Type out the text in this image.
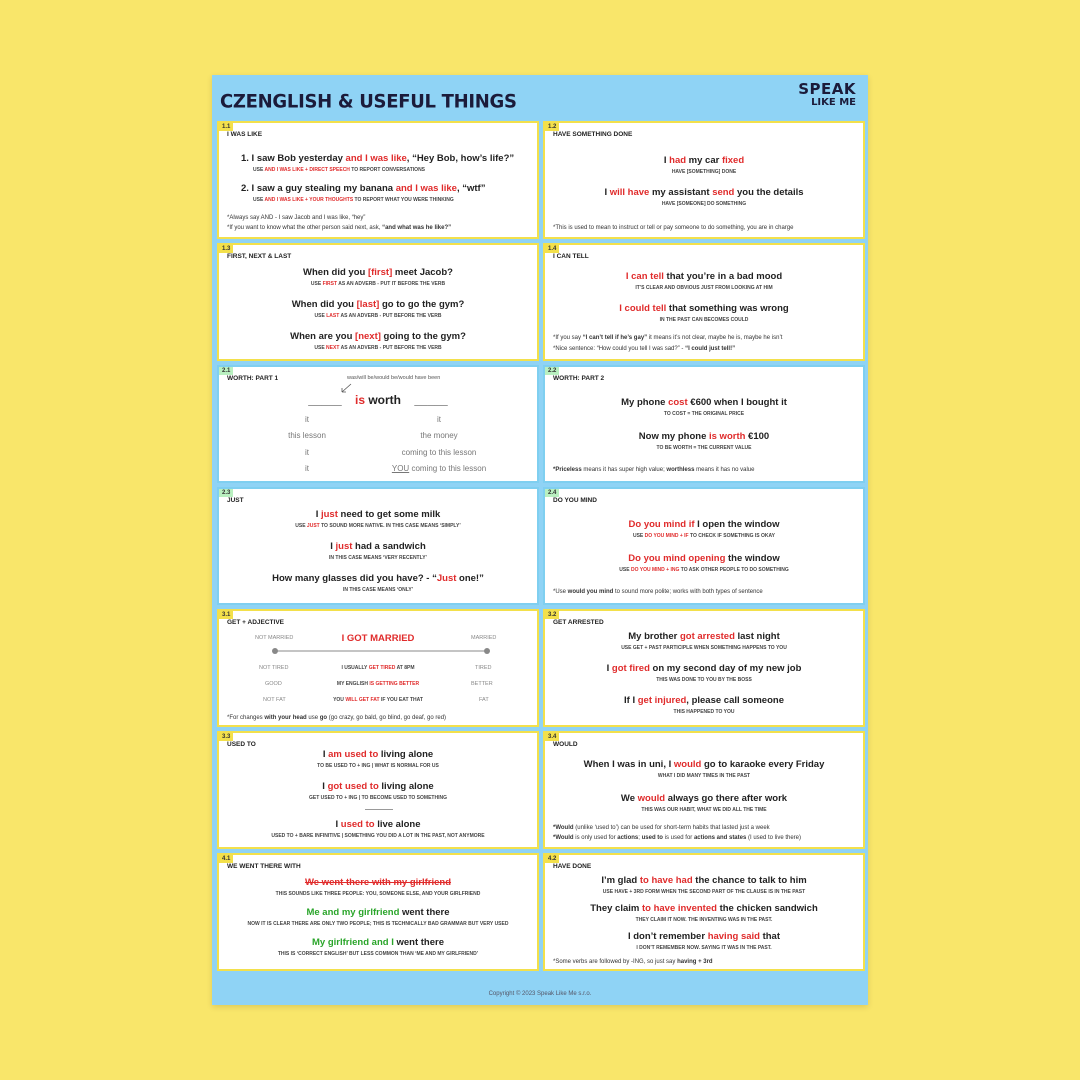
CZENGLISH & USEFUL THINGS
SPEAK
LIKE ME
1.1
I WAS LIKE
1. I saw Bob yesterday and I was like, “Hey Bob, how’s life?”
USE AND I WAS LIKE + DIRECT SPEECH TO REPORT CONVERSATIONS
2. I saw a guy stealing my banana and I was like, “wtf”
USE AND I WAS LIKE + YOUR THOUGHTS TO REPORT WHAT YOU WERE THINKING
*Always say AND - I saw Jacob and I was like, “hey”
*If you want to know what the other person said next, ask, “and what was he like?”
1.2
HAVE SOMETHING DONE
I had my car fixed
HAVE [SOMETHING] DONE
I will have my assistant send you the details
HAVE [SOMEONE] DO SOMETHING
*This is used to mean to instruct or tell or pay someone to do something, you are in charge
1.3
FIRST, NEXT & LAST
When did you [first] meet Jacob?
USE FIRST AS AN ADVERB - PUT IT BEFORE THE VERB
When did you [last] go to go the gym?
USE LAST AS AN ADVERB - PUT BEFORE THE VERB
When are you [next] going to the gym?
USE NEXT AS AN ADVERB - PUT BEFORE THE VERB
1.4
I CAN TELL
I can tell that you’re in a bad mood
IT’S CLEAR AND OBVIOUS JUST FROM LOOKING AT HIM
I could tell that something was wrong
IN THE PAST CAN BECOMES COULD
*If you say “I can’t tell if he’s gay” it means it’s not clear, maybe he is, maybe he isn’t
*Nice sentence: “How could you tell I was sad?” - “I could just tell!”
2.1
WORTH: PART 1	was/will be/would be/would have been
_____ is worth _____
it	it
this lesson	the money
it	coming to this lesson
it	YOU coming to this lesson
2.2
WORTH: PART 2
My phone cost €600 when I bought it
TO COST = THE ORIGINAL PRICE
Now my phone is worth €100
TO BE WORTH = THE CURRENT VALUE
*Priceless means it has super high value; worthless means it has no value
2.3
JUST
I just need to get some milk
USE JUST TO SOUND MORE NATIVE. IN THIS CASE MEANS ‘SIMPLY’
I just had a sandwich
IN THIS CASE MEANS ‘VERY RECENTLY’
How many glasses did you have? - “Just one!”
IN THIS CASE MEANS ‘ONLY’
2.4
DO YOU MIND
Do you mind if I open the window
USE DO YOU MIND + IF TO CHECK IF SOMETHING IS OKAY
Do you mind opening the window
USE DO YOU MIND + ING TO ASK OTHER PEOPLE TO DO SOMETHING
*Use would you mind to sound more polite; works with both types of sentence
3.1
GET + ADJECTIVE
NOT MARRIED	I GOT MARRIED	MARRIED
NOT TIRED	I USUALLY GET TIRED AT 8PM	TIRED
GOOD	MY ENGLISH IS GETTING BETTER	BETTER
NOT FAT	YOU WILL GET FAT IF YOU EAT THAT	FAT
*For changes with your head use go (go crazy, go bald, go blind, go deaf, go red)
3.2
GET ARRESTED
My brother got arrested last night
USE GET + PAST PARTICIPLE WHEN SOMETHING HAPPENS TO YOU
I got fired on my second day of my new job
THIS WAS DONE TO YOU BY THE BOSS
If I get injured, please call someone
THIS HAPPENED TO YOU
3.3
USED TO
I am used to living alone
TO BE USED TO + ING | WHAT IS NORMAL FOR US
I got used to living alone
GET USED TO + ING | TO BECOME USED TO SOMETHING
I used to live alone
USED TO + BARE INFINITIVE | SOMETHING YOU DID A LOT IN THE PAST, NOT ANYMORE
3.4
WOULD
When I was in uni, I would go to karaoke every Friday
WHAT I DID MANY TIMES IN THE PAST
We would always go there after work
THIS WAS OUR HABIT, WHAT WE DID ALL THE TIME
*Would (unlike ‘used to’) can be used for short-term habits that lasted just a week
*Would is only used for actions; used to is used for actions and states (I used to live there)
4.1
WE WENT THERE WITH
We went there with my girlfriend
THIS SOUNDS LIKE THREE PEOPLE: YOU, SOMEONE ELSE, AND YOUR GIRLFRIEND
Me and my girlfriend went there
NOW IT IS CLEAR THERE ARE ONLY TWO PEOPLE; THIS IS TECHNICALLY BAD GRAMMAR BUT VERY USED
My girlfriend and I went there
THIS IS ‘CORRECT ENGLISH’ BUT LESS COMMON THAN ‘ME AND MY GIRLFRIEND’
4.2
HAVE DONE
I’m glad to have had the chance to talk to him
USE HAVE + 3RD FORM WHEN THE SECOND PART OF THE CLAUSE IS IN THE PAST
They claim to have invented the chicken sandwich
THEY CLAIM IT NOW. THE INVENTING WAS IN THE PAST.
I don’t remember having said that
I DON’T REMEMBER NOW. SAYING IT WAS IN THE PAST.
*Some verbs are followed by -ING, so just say having + 3rd
Copyright © 2023 Speak Like Me s.r.o.
